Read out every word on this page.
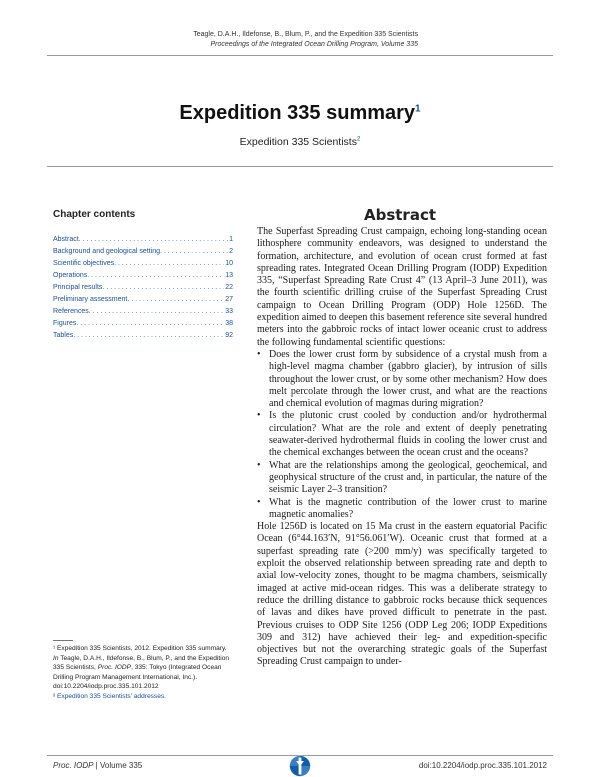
Teagle, D.A.H., Ildefonse, B., Blum, P., and the Expedition 335 Scientists
Proceedings of the Integrated Ocean Drilling Program, Volume 335
Expedition 335 summary$^1$
Expedition 335 Scientists$^2$
Chapter contents
Abstract . . .	1
Background and geological setting . . .	2
Scientific objectives . . .	10
Operations . . .	13
Principal results . . .	22
Preliminary assessment . . .	27
References . . .	33
Figures . . .	38
Tables . . .	92
Abstract

The Superfast Spreading Crust campaign, echoing long-standing ocean lithosphere community endeavors, was designed to understand the formation, architecture, and evolution of ocean crust formed at fast spreading rates. Integrated Ocean Drilling Program (IODP) Expedition 335, “Superfast Spreading Rate Crust 4” (13 April–3 June 2011), was the fourth scientific drilling cruise of the Superfast Spreading Crust campaign to Ocean Drilling Program (ODP) Hole 1256D. The expedition aimed to deepen this basement reference site several hundred meters into the gabbroic rocks of intact lower oceanic crust to address the following fundamental scientific questions:

• Does the lower crust form by subsidence of a crystal mush from a high-level magma chamber (gabbro glacier), by intrusion of sills throughout the lower crust, or by some other mechanism? How does melt percolate through the lower crust, and what are the reactions and chemical evolution of magmas during migration?
• Is the plutonic crust cooled by conduction and/or hydrothermal circulation? What are the role and extent of deeply penetrating seawater-derived hydrothermal fluids in cooling the lower crust and the chemical exchanges between the ocean crust and the oceans?
• What are the relationships among the geological, geochemical, and geophysical structure of the crust and, in particular, the nature of the seismic Layer 2–3 transition?
• What is the magnetic contribution of the lower crust to marine magnetic anomalies?

Hole 1256D is located on 15 Ma crust in the eastern equatorial Pacific Ocean (6°44.163′N, 91°56.061′W). Oceanic crust that formed at a superfast spreading rate (>200 mm/y) was specifically targeted to exploit the observed relationship between spreading rate and depth to axial low-velocity zones, thought to be magma chambers, seismically imaged at active mid-ocean ridges. This was a deliberate strategy to reduce the drilling distance to gabbroic rocks because thick sequences of lavas and dikes have proved difficult to penetrate in the past. Previous cruises to ODP Site 1256 (ODP Leg 206; IODP Expeditions 309 and 312) have achieved their leg- and expedition-specific objectives but not the overarching strategic goals of the Superfast Spreading Crust campaign to under-

¹ Expedition 335 Scientists, 2012. Expedition 335 summary. In Teagle, D.A.H., Ildefonse, B., Blum, P., and the Expedition 335 Scientists, Proc. IODP, 335: Tokyo (Integrated Ocean Drilling Program Management International, Inc.).
doi:10.2204/iodp.proc.335.101.2012

² Expedition 335 Scientists’ addresses.

Proc. IODP | Volume 335	doi:10.2204/iodp.proc.335.101.2012
